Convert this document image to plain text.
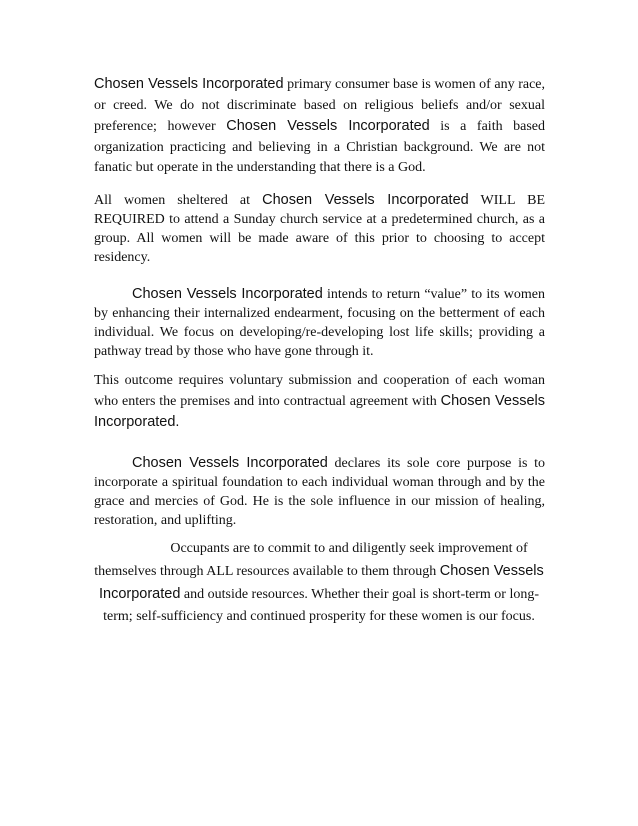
Chosen Vessels Incorporated primary consumer base is women of any race, or creed. We do not discriminate based on religious beliefs and/or sexual preference; however Chosen Vessels Incorporated is a faith based organization practicing and believing in a Christian background. We are not fanatic but operate in the understanding that there is a God.

All women sheltered at Chosen Vessels Incorporated WILL BE REQUIRED to attend a Sunday church service at a predetermined church, as a group. All women will be made aware of this prior to choosing to accept residency.

Chosen Vessels Incorporated intends to return “value” to its women by enhancing their internalized endearment, focusing on the betterment of each individual. We focus on developing/re-developing lost life skills; providing a pathway tread by those who have gone through it.

This outcome requires voluntary submission and cooperation of each woman who enters the premises and into contractual agreement with Chosen Vessels Incorporated.

Chosen Vessels Incorporated declares its sole core purpose is to incorporate a spiritual foundation to each individual woman through and by the grace and mercies of God. He is the sole influence in our mission of healing, restoration, and uplifting.

Occupants are to commit to and diligently seek improvement of themselves through ALL resources available to them through Chosen Vessels Incorporated and outside resources. Whether their goal is short-term or long-term; self-sufficiency and continued prosperity for these women is our focus.
